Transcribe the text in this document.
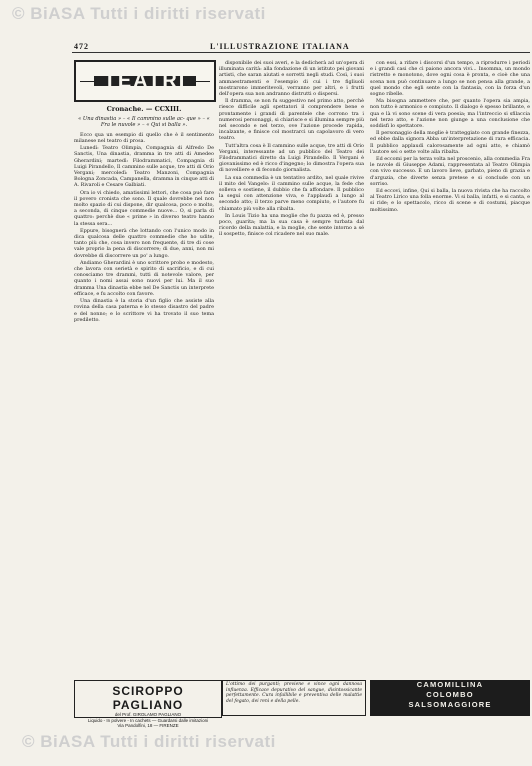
© BiASA Tutti i diritti riservati
472	L'ILLUSTRAZIONE ITALIANA
TEATRI
Cronache. — CCXIII.
« Una dinastia » – « Il cammino sulle ac- que » – « Fra le nuvole » – « Qui si balla ».

Ecco qua un esempio di quello che è il sentimento milanese nel teatro di prosa.

Lunedì: Teatro Olimpia, Compagnia di Alfredo De Sanctis, Una dinastia, dramma in tre atti di Amedeo Gherardini; martedì: Filodrammatici, Compagnia di Luigi Pirandello, Il cammino sulle acque, tre atti di Orio Vergani; mercoledì: Teatro Manzoni, Compagnia Bologna Zoncada, Campanella, dramma in cinque atti di A. Rivaroli e Cesare Galbiati.

Ora io vi chiedo, amatissimi lettori, che cosa può fare il povero cronista che sono. Il quale dovrebbe nel non molto spazio di cui dispone, dir qualcosa, poco o molto, a seconda, di cinque commedie nuove... O, si parla di quattro: perchè due « prime » in diverso teatro hanno la stessa sera...

Eppure, bisognerà che lottando con l'unico modo in dica qualcosa delle quattro commedie che ho udite, tanto più che, cosa invero non frequente, di tre di cose vale proprio la pena di discorrere; di due, anni, non mi dovrebbe di discorrere un po' a lungo.

Andiamo Gherardini è uno scrittore probo e modesto, che lavora con serietà e spirito di sacrificio, e di cui conosciamo tre drammi, tutti di notevole valore, per quanto i nomi assai sono nuovi per lui. Ma il suo dramma Una dinastia ebbe nel De Sanctis un interprete efficace, e fu accolto con favore.

Una dinastia è la storia d'un figlio che assiste alla rovina della casa paterna e lo stesso disastro del padre e del nonno; e lo scrittore vi ha trovato il suo tema prediletto.

disponibile dei suoi averi, e la dedicherà ad un'opera di illuminata carità: alla fondazione di un istituto pei giovani artisti, che saran aiutati e sorretti negli studi. Così, i suoi ammaestramenti e l'esempio di cui i tre figliuoli mostrarono immeritevoli, verranno per altri, e i frutti dell'opera sua non andranno distrutti o dispersi.

Il dramma, se non fu suggestivo nel primo atto, perchè riesce difficile agli spettatori il comprendere bene e prontamente i grandi di parentele che corrono tra i numerosi personaggi, si chiarisce e si illumina sempre più nel secondo e nel terzo, ove l'azione procede rapida, incalzante, e finisce col mostrarci un capolavoro di vero teatro.

Tutt'altra cosa è Il cammino sulle acque, tre atti di Orio Vergani, interessante ad un pubblico del Teatro dei Filodrammatici diretto da Luigi Pirandello. Il Vergani è giovanissimo ed è ricco d'ingegno; lo dimostra l'opera sua di novelliere e di fecondo giornalista.

La sua commedia è un tentativo ardito, nel quale rivive il mito del Vangelo: il cammino sulle acque, la fede che solleva e sostiene, il dubbio che fa affondare. Il pubblico la seguì con attenzione viva, e l'applaudì a lungo al secondo atto; il terzo parve meno compiuto, e l'autore fu chiamato più volte alla ribalta.

In Louis Tizio ha una moglie che fu pazza ed è, presso poco, guarita; ma la sua casa è sempre turbata dal ricordo della malattia, e la moglie, che sente intorno a sé il sospetto, finisce col ricadere nel suo male.

con essi, a rifare i discorsi d'un tempo, a riprodurre i periodi e i grandi casi che ci paiono ancora vivi... Insomma, un mondo ristretto e monotono, dove ogni cosa è pronta, e cioè che una scena non può continuare a lungo se non pensa alla grande, a quel mondo che egli sente con la fantasia, con la forza d'un sogno ribelle.

Ma bisogna ammettere che, per quanto l'opera sia ampia, non tutto è armonico e compiuto. Il dialogo è spesso brillante, e qua e là vi sono scene di vera poesia; ma l'intreccio si sfilaccia nel terzo atto, e l'azione non giunge a una conclusione che soddisfi lo spettatore.

Il personaggio della moglie è tratteggiato con grande finezza, ed ebbe dalla signora Abba un'interpretazione di rara efficacia. Il pubblico applaudì calorosamente ad ogni atto, e chiamò l'autore sei o sette volte alla ribalta.

Ed eccomi per la terza volta nel proscenio, alla commedia Fra le nuvole di Giuseppe Adami, rappresentata al Teatro Olimpia con vivo successo. È un lavoro lieve, garbato, pieno di grazia e d'arguzia, che diverte senza pretese e si conclude con un sorriso.

Ed eccovi, infine, Qui si balla, la nuova rivista che ha raccolto al Teatro Lirico una folla enorme. Vi si balla, infatti, e si canta, e si ride; e lo spettacolo, ricco di scene e di costumi, piacque moltissimo.

SCIROPPO PAGLIANO
del Prof. GIROLAMO PAGLIANO
Liquido - In polvere - In cachets — Guardarsi dalle imitazioni
Via Pandolfini, 18 — FIRENZE
L'ottimo dei purganti; previene e vince ogni dannosa influenza. Efficace depurativo del sangue, disintossicante perfettamente. Cura infallibile e preventiva delle malattie del fegato, dei reni e della pelle.
CAMOMILLINA
COLOMBO
SALSOMAGGIORE
© BiASA Tutti i diritti riservati
